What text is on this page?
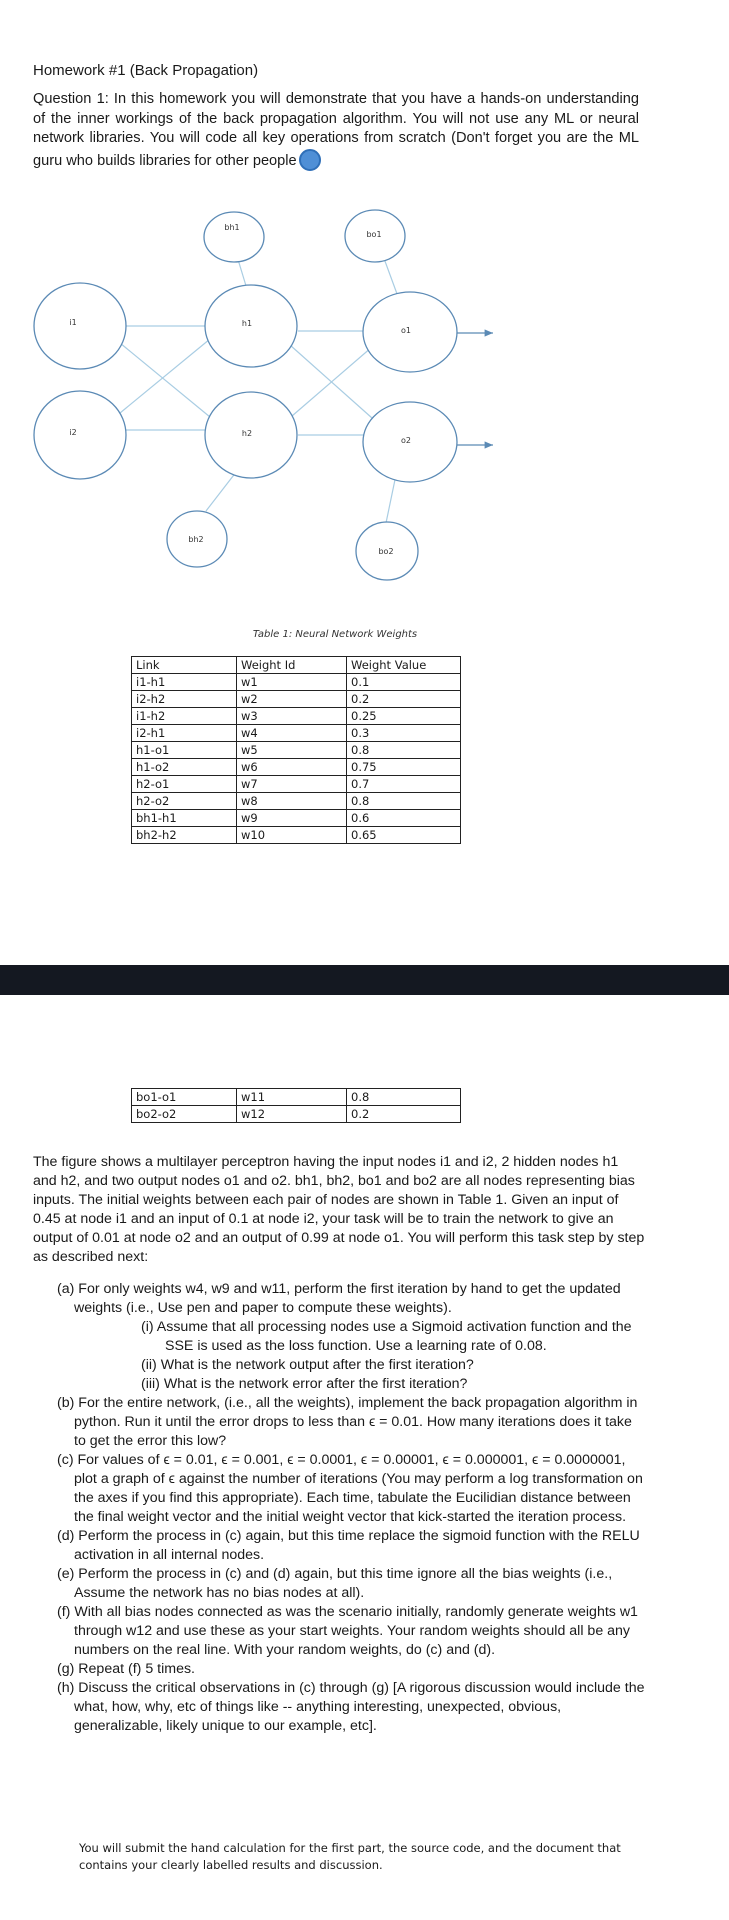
Homework #1 (Back Propagation)
Question 1: In this homework you will demonstrate that you have a hands-on understanding of the inner workings of the back propagation algorithm. You will not use any ML or neural network libraries. You will code all key operations from scratch (Don't forget you are the ML guru who builds libraries for other people
bh1
bo1
i1	h1
o1
i2	h2
o2
bh2
bo2
Table 1: Neural Network Weights
Link	Weight Id	Weight Value
i1-h1	w1	0.1
i2-h2	w2	0.2
i1-h2	w3	0.25
i2-h1	w4	0.3
h1-o1	w5	0.8
h1-o2	w6	0.75
h2-o1	w7	0.7
h2-o2	w8	0.8
bh1-h1	w9	0.6
bh2-h2	w10	0.65
bo1-o1	w11	0.8
bo2-o2	w12	0.2
The figure shows a multilayer perceptron having the input nodes i1 and i2, 2 hidden nodes h1 and h2, and two output nodes o1 and o2. bh1, bh2, bo1 and bo2 are all nodes representing bias inputs. The initial weights between each pair of nodes are shown in Table 1. Given an input of 0.45 at node i1 and an input of 0.1 at node i2, your task will be to train the network to give an output of 0.01 at node o2 and an output of 0.99 at node o1. You will perform this task step by step as described next:
(a) For only weights w4, w9 and w11, perform the first iteration by hand to get the updated weights (i.e., Use pen and paper to compute these weights).
(i) Assume that all processing nodes use a Sigmoid activation function and the SSE is used as the loss function. Use a learning rate of 0.08.
(ii) What is the network output after the first iteration?
(iii) What is the network error after the first iteration?
(b) For the entire network, (i.e., all the weights), implement the back propagation algorithm in python. Run it until the error drops to less than ϵ = 0.01. How many iterations does it take to get the error this low?
(c) For values of ϵ = 0.01, ϵ = 0.001, ϵ = 0.0001, ϵ = 0.00001, ϵ = 0.000001, ϵ = 0.0000001, plot a graph of ϵ against the number of iterations (You may perform a log transformation on the axes if you find this appropriate). Each time, tabulate the Eucilidian distance between the final weight vector and the initial weight vector that kick-started the iteration process.
(d) Perform the process in (c) again, but this time replace the sigmoid function with the RELU activation in all internal nodes.
(e) Perform the process in (c) and (d) again, but this time ignore all the bias weights (i.e., Assume the network has no bias nodes at all).
(f) With all bias nodes connected as was the scenario initially, randomly generate weights w1 through w12 and use these as your start weights. Your random weights should all be any numbers on the real line. With your random weights, do (c) and (d).
(g) Repeat (f) 5 times.
(h) Discuss the critical observations in (c) through (g) [A rigorous discussion would include the what, how, why, etc of things like -- anything interesting, unexpected, obvious, generalizable, likely unique to our example, etc].
You will submit the hand calculation for the first part, the source code, and the document that contains your clearly labelled results and discussion.
